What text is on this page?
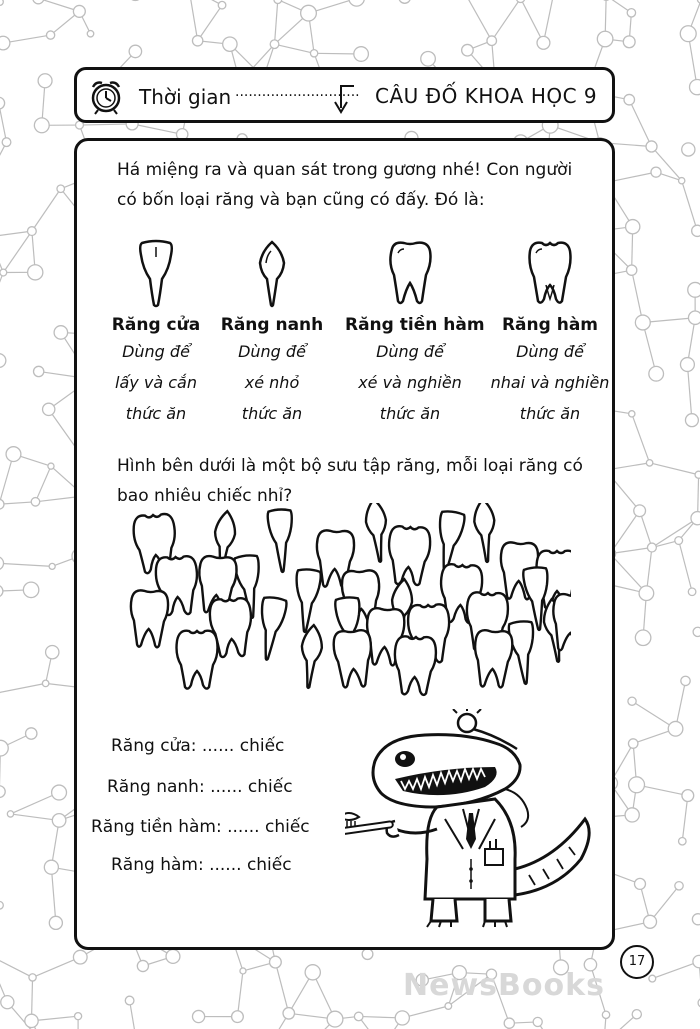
Thời gian ............................ CÂU ĐỐ KHOA HỌC 9
Há miệng ra và quan sát trong gương nhé! Con người có bốn loại răng và bạn cũng có đấy. Đó là:
Răng cửa
Dùng để
lấy và cắn
thức ăn
Răng nanh
Dùng để
xé nhỏ
thức ăn
Răng tiền hàm
Dùng để
xé và nghiền
thức ăn
Răng hàm
Dùng để
nhai và nghiền
thức ăn
Hình bên dưới là một bộ sưu tập răng, mỗi loại răng có bao nhiêu chiếc nhỉ?
Răng cửa: ...... chiếc
Răng nanh: ...... chiếc
Răng tiền hàm: ...... chiếc
Răng hàm: ...... chiếc
17
NewsBooks
